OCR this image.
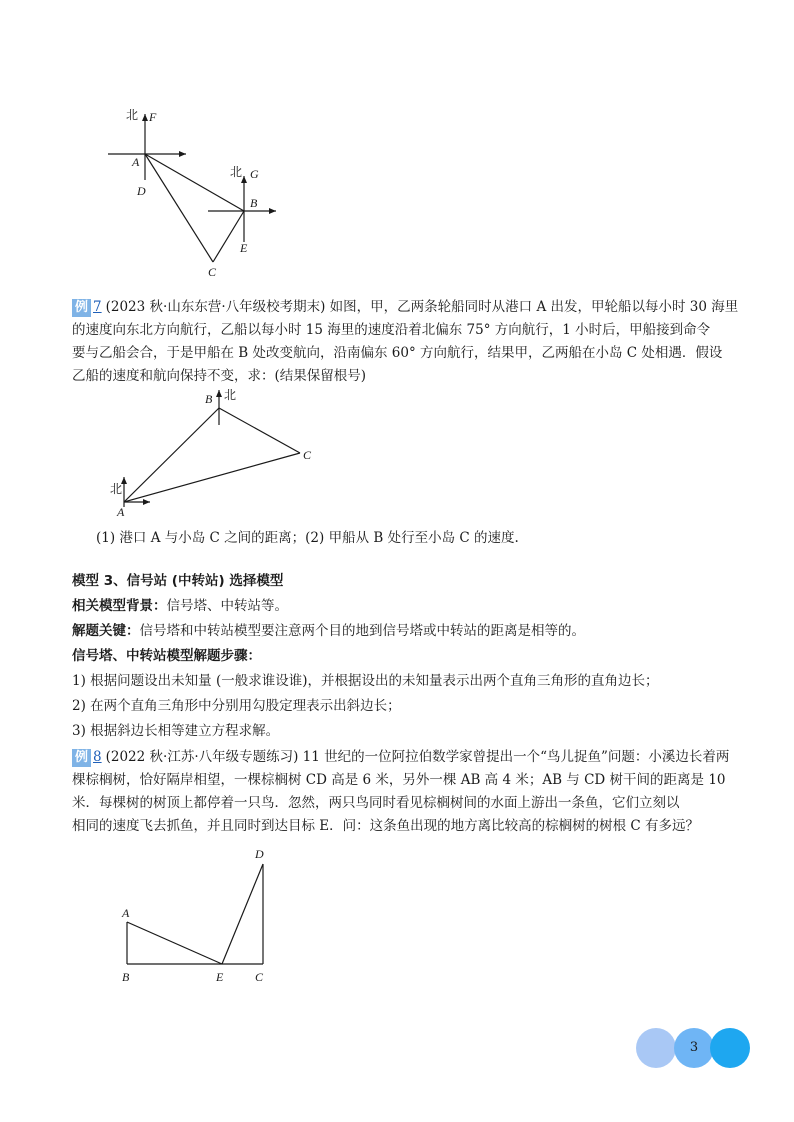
北 F
A
D
北 G
B
E
C
例 7 (2023 秋·山东东营·八年级校考期末) 如图，甲，乙两条轮船同时从港口 A 出发，甲轮船以每小时 30 海里
的速度向东北方向航行，乙船以每小时 15 海里的速度沿着北偏东 75° 方向航行，1 小时后，甲船接到命令
要与乙船会合，于是甲船在 B 处改变航向，沿南偏东 60° 方向航行，结果甲，乙两船在小岛 C 处相遇．假设
乙船的速度和航向保持不变，求：(结果保留根号)
B 北
C
北
A
(1) 港口 A 与小岛 C 之间的距离；(2) 甲船从 B 处行至小岛 C 的速度.
模型 3、信号站 (中转站) 选择模型
相关模型背景：信号塔、中转站等。
解题关键：信号塔和中转站模型要注意两个目的地到信号塔或中转站的距离是相等的。
信号塔、中转站模型解题步骤：
1) 根据问题设出未知量 (一般求谁设谁)，并根据设出的未知量表示出两个直角三角形的直角边长；
2) 在两个直角三角形中分别用勾股定理表示出斜边长；
3) 根据斜边长相等建立方程求解。
例 8 (2022 秋·江苏·八年级专题练习) 11 世纪的一位阿拉伯数学家曾提出一个“鸟儿捉鱼”问题：小溪边长着两
棵棕榈树，恰好隔岸相望，一棵棕榈树 CD 高是 6 米，另外一棵 AB 高 4 米；AB 与 CD 树干间的距离是 10
米．每棵树的树顶上都停着一只鸟．忽然，两只鸟同时看见棕榈树间的水面上游出一条鱼，它们立刻以
相同的速度飞去抓鱼，并且同时到达目标 E．问：这条鱼出现的地方离比较高的棕榈树的树根 C 有多远？
D
A
B	E	C
3
